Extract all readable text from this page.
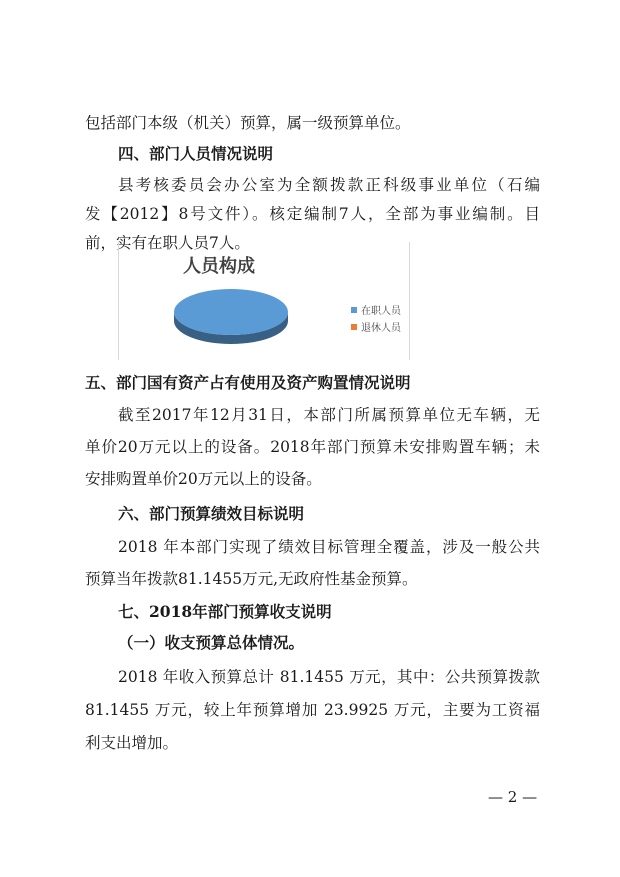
包括部门本级（机关）预算，属一级预算单位。
四、部门人员情况说明
县考核委员会办公室为全额拨款正科级事业单位（石编
发【2012】8号文件）。核定编制7人，全部为事业编制。目
前，实有在职人员7人。
人员构成
在职人员
退休人员
五、部门国有资产占有使用及资产购置情况说明
截至2017年12月31日，本部门所属预算单位无车辆，无
单价20万元以上的设备。2018年部门预算未安排购置车辆；未
安排购置单价20万元以上的设备。
六、部门预算绩效目标说明
2018 年本部门实现了绩效目标管理全覆盖，涉及一般公共
预算当年拨款81.1455万元,无政府性基金预算。
七、2018年部门预算收支说明
（一）收支预算总体情况。
2018 年收入预算总计 81.1455 万元，其中：公共预算拨款
81.1455 万元，较上年预算增加 23.9925 万元，主要为工资福
利支出增加。
— 2 —
